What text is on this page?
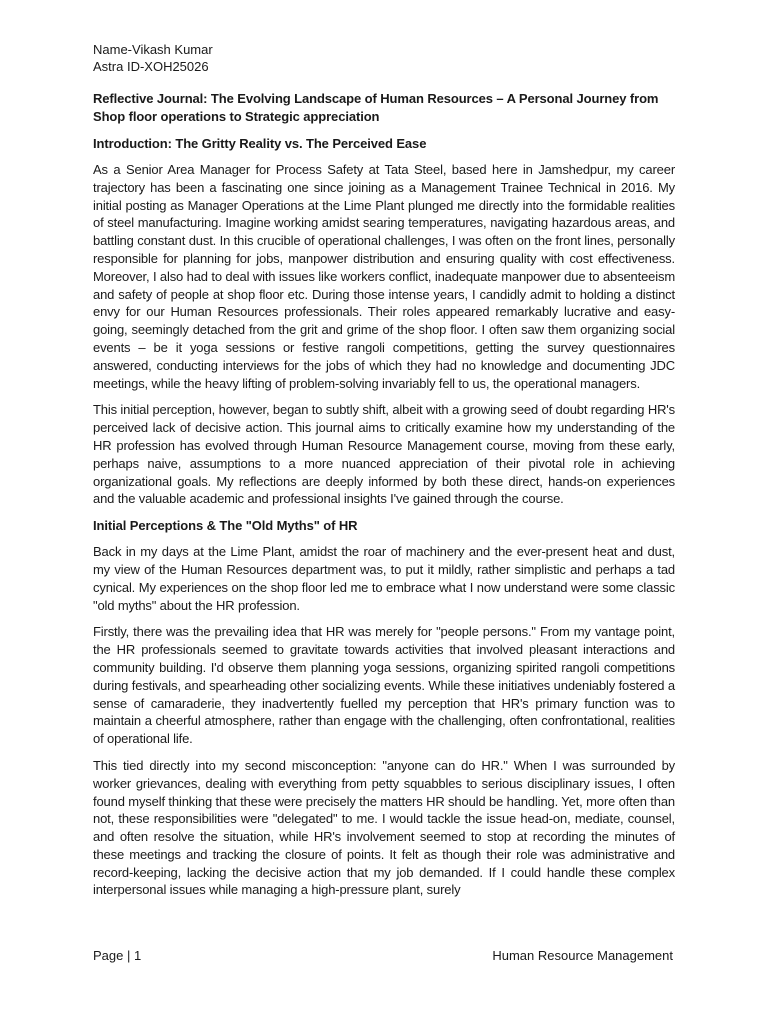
Name-Vikash Kumar

Astra ID-XOH25026

Reflective Journal: The Evolving Landscape of Human Resources – A Personal Journey from Shop floor operations to Strategic appreciation

Introduction: The Gritty Reality vs. The Perceived Ease

As a Senior Area Manager for Process Safety at Tata Steel, based here in Jamshedpur, my career trajectory has been a fascinating one since joining as a Management Trainee Technical in 2016. My initial posting as Manager Operations at the Lime Plant plunged me directly into the formidable realities of steel manufacturing. Imagine working amidst searing temperatures, navigating hazardous areas, and battling constant dust. In this crucible of operational challenges, I was often on the front lines, personally responsible for planning for jobs, manpower distribution and ensuring quality with cost effectiveness. Moreover, I also had to deal with issues like workers conflict, inadequate manpower due to absenteeism and safety of people at shop floor etc. During those intense years, I candidly admit to holding a distinct envy for our Human Resources professionals. Their roles appeared remarkably lucrative and easy-going, seemingly detached from the grit and grime of the shop floor. I often saw them organizing social events – be it yoga sessions or festive rangoli competitions, getting the survey questionnaires answered, conducting interviews for the jobs of which they had no knowledge and documenting JDC meetings, while the heavy lifting of problem-solving invariably fell to us, the operational managers.

This initial perception, however, began to subtly shift, albeit with a growing seed of doubt regarding HR's perceived lack of decisive action. This journal aims to critically examine how my understanding of the HR profession has evolved through Human Resource Management course, moving from these early, perhaps naive, assumptions to a more nuanced appreciation of their pivotal role in achieving organizational goals. My reflections are deeply informed by both these direct, hands-on experiences and the valuable academic and professional insights I've gained through the course.

Initial Perceptions & The "Old Myths" of HR

Back in my days at the Lime Plant, amidst the roar of machinery and the ever-present heat and dust, my view of the Human Resources department was, to put it mildly, rather simplistic and perhaps a tad cynical. My experiences on the shop floor led me to embrace what I now understand were some classic "old myths" about the HR profession.

Firstly, there was the prevailing idea that HR was merely for "people persons." From my vantage point, the HR professionals seemed to gravitate towards activities that involved pleasant interactions and community building. I'd observe them planning yoga sessions, organizing spirited rangoli competitions during festivals, and spearheading other socializing events. While these initiatives undeniably fostered a sense of camaraderie, they inadvertently fuelled my perception that HR's primary function was to maintain a cheerful atmosphere, rather than engage with the challenging, often confrontational, realities of operational life.

This tied directly into my second misconception: "anyone can do HR." When I was surrounded by worker grievances, dealing with everything from petty squabbles to serious disciplinary issues, I often found myself thinking that these were precisely the matters HR should be handling. Yet, more often than not, these responsibilities were "delegated" to me. I would tackle the issue head-on, mediate, counsel, and often resolve the situation, while HR's involvement seemed to stop at recording the minutes of these meetings and tracking the closure of points. It felt as though their role was administrative and record-keeping, lacking the decisive action that my job demanded. If I could handle these complex interpersonal issues while managing a high-pressure plant, surely

Page | 1	Human Resource Management
